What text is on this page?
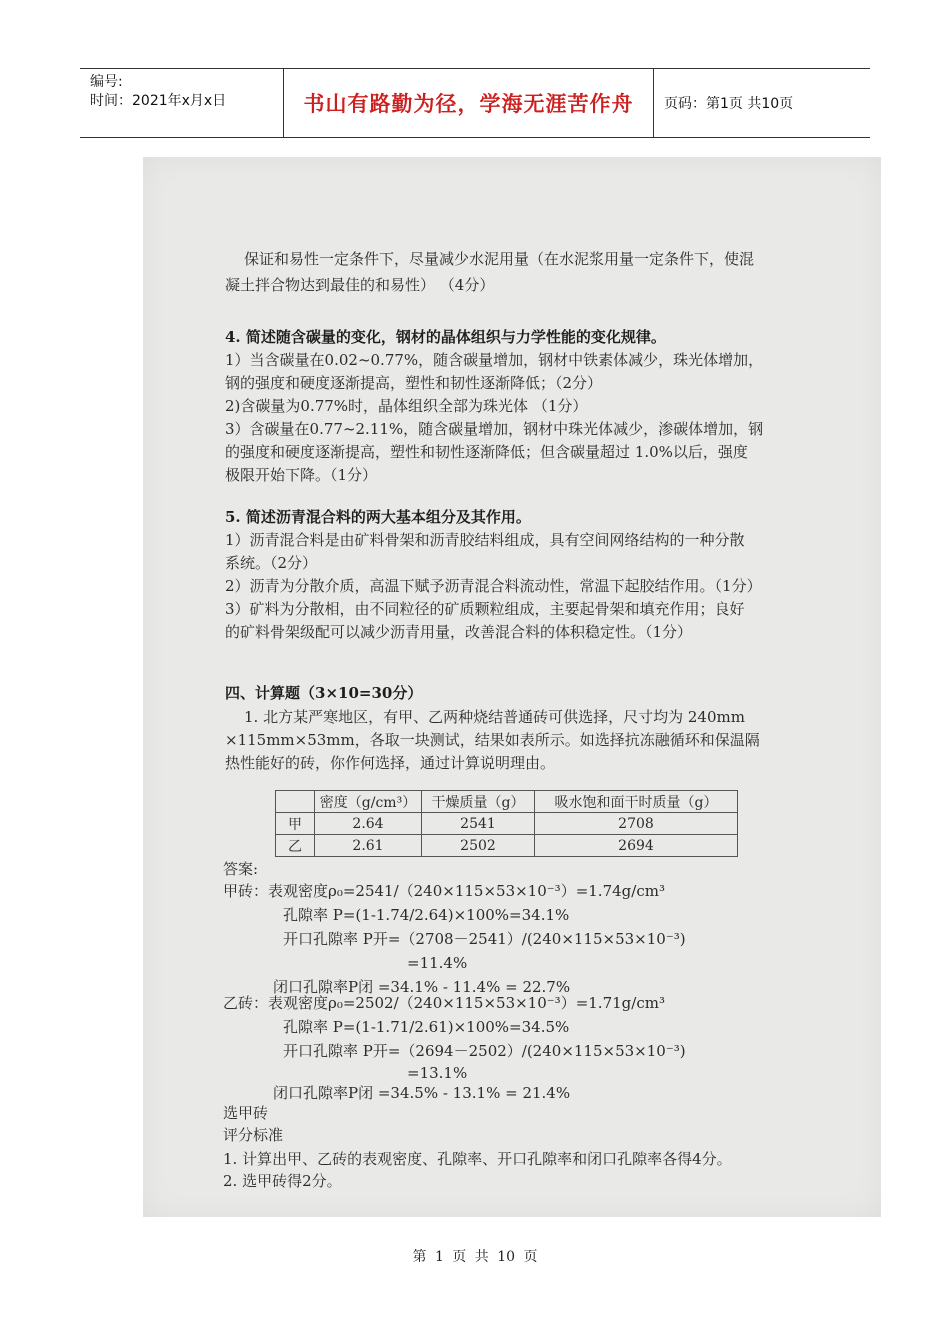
编号:
时间：2021年x月x日	书山有路勤为径，学海无涯苦作舟	页码：第1页 共10页
保证和易性一定条件下，尽量减少水泥用量（在水泥浆用量一定条件下，使混
凝土拌合物达到最佳的和易性） （4分）
4. 简述随含碳量的变化，钢材的晶体组织与力学性能的变化规律。
1）当含碳量在0.02~0.77%，随含碳量增加，钢材中铁素体减少，珠光体增加，
钢的强度和硬度逐渐提高，塑性和韧性逐渐降低；（2分）
2)含碳量为0.77%时，晶体组织全部为珠光体 （1分）
3）含碳量在0.77~2.11%，随含碳量增加，钢材中珠光体减少，渗碳体增加，钢
的强度和硬度逐渐提高，塑性和韧性逐渐降低；但含碳量超过 1.0%以后，强度
极限开始下降。（1分）
5. 简述沥青混合料的两大基本组分及其作用。
1）沥青混合料是由矿料骨架和沥青胶结料组成，具有空间网络结构的一种分散
系统。（2分）
2）沥青为分散介质，高温下赋予沥青混合料流动性，常温下起胶结作用。（1分）
3）矿料为分散相，由不同粒径的矿质颗粒组成，主要起骨架和填充作用；良好
的矿料骨架级配可以减少沥青用量，改善混合料的体积稳定性。（1分）
四、计算题（3×10=30分）
1. 北方某严寒地区，有甲、乙两种烧结普通砖可供选择，尺寸均为 240mm
×115mm×53mm，各取一块测试，结果如表所示。如选择抗冻融循环和保温隔
热性能好的砖，你作何选择，通过计算说明理由。
	密度（g/cm³）	干燥质量（g）	吸水饱和面干时质量（g）
甲	2.64	2541	2708
乙	2.61	2502	2694
答案:
甲砖：表观密度ρ₀=2541/（240×115×53×10⁻³）=1.74g/cm³
孔隙率 P=(1-1.74/2.64)×100%=34.1%
开口孔隙率 P开=（2708－2541）/(240×115×53×10⁻³)
=11.4%
闭口孔隙率P闭 =34.1% - 11.4% = 22.7%
乙砖：表观密度ρ₀=2502/（240×115×53×10⁻³）=1.71g/cm³
孔隙率 P=(1-1.71/2.61)×100%=34.5%
开口孔隙率 P开=（2694－2502）/(240×115×53×10⁻³)
=13.1%
闭口孔隙率P闭 =34.5% - 13.1% = 21.4%
选甲砖
评分标准
1. 计算出甲、乙砖的表观密度、孔隙率、开口孔隙率和闭口孔隙率各得4分。
2. 选甲砖得2分。
第 1 页 共 10 页
